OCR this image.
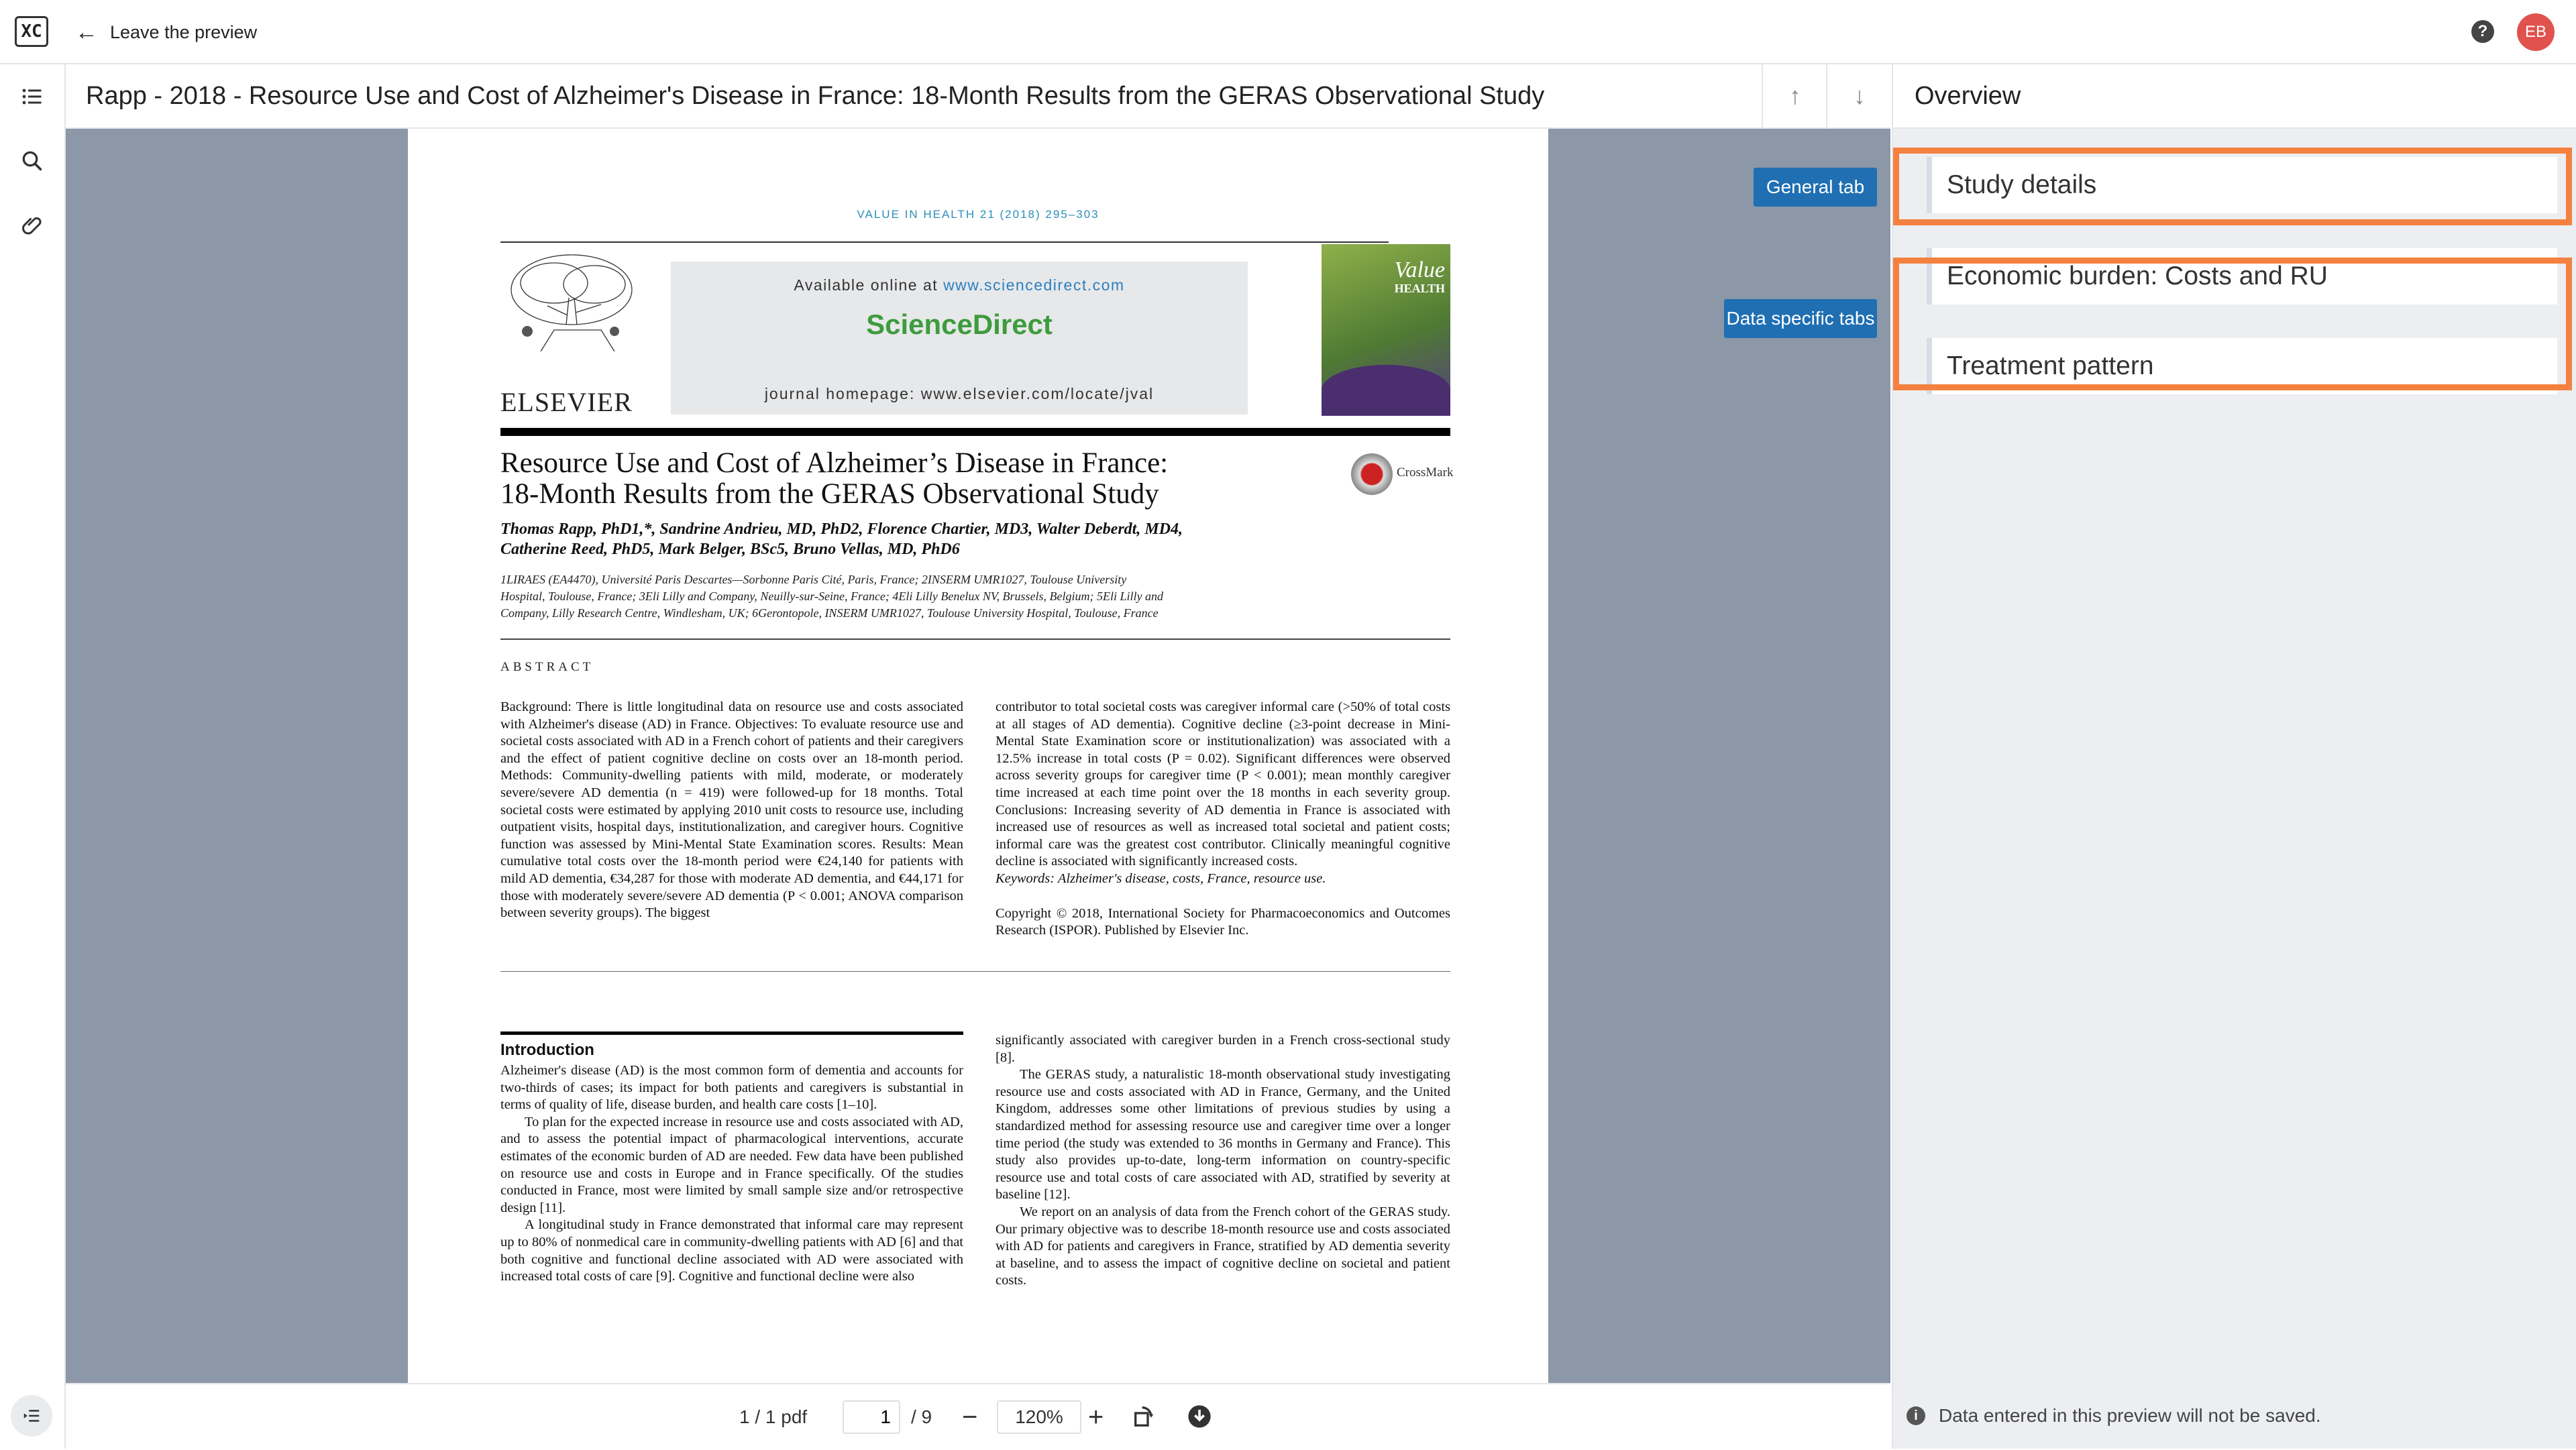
XC ← Leave the preview	?	EB
Rapp - 2018 - Resource Use and Cost of Alzheimer's Disease in France: 18-Month Results from the GERAS Observational Study	↑ ↓
VALUE IN HEALTH 21 (2018) 295–303
ELSEVIER
Available online at www.sciencedirect.com
ScienceDirect
journal homepage: www.elsevier.com/locate/jval
Value
HEALTH
Resource Use and Cost of Alzheimer’s Disease in France:
18-Month Results from the GERAS Observational Study
CrossMark
Thomas Rapp, PhD1,*, Sandrine Andrieu, MD, PhD2, Florence Chartier, MD3, Walter Deberdt, MD4,
Catherine Reed, PhD5, Mark Belger, BSc5, Bruno Vellas, MD, PhD6
1LIRAES (EA4470), Université Paris Descartes—Sorbonne Paris Cité, Paris, France; 2INSERM UMR1027, Toulouse University
Hospital, Toulouse, France; 3Eli Lilly and Company, Neuilly-sur-Seine, France; 4Eli Lilly Benelux NV, Brussels, Belgium; 5Eli Lilly and
Company, Lilly Research Centre, Windlesham, UK; 6Gerontopole, INSERM UMR1027, Toulouse University Hospital, Toulouse, France
ABSTRACT

Background: There is little longitudinal data on resource use and costs associated with Alzheimer's disease (AD) in France. Objectives: To evaluate resource use and societal costs associated with AD in a French cohort of patients and their caregivers and the effect of patient cognitive decline on costs over an 18-month period. Methods: Community-dwelling patients with mild, moderate, or moderately severe/severe AD dementia (n = 419) were followed-up for 18 months. Total societal costs were estimated by applying 2010 unit costs to resource use, including outpatient visits, hospital days, institutionalization, and caregiver hours. Cognitive function was assessed by Mini-Mental State Examination scores. Results: Mean cumulative total costs over the 18-month period were €24,140 for patients with mild AD dementia, €34,287 for those with moderate AD dementia, and €44,171 for those with moderately severe/severe AD dementia (P < 0.001; ANOVA comparison between severity groups). The biggest

contributor to total societal costs was caregiver informal care (>50% of total costs at all stages of AD dementia). Cognitive decline (≥3-point decrease in Mini-Mental State Examination score or institutionalization) was associated with a 12.5% increase in total costs (P = 0.02). Significant differences were observed across severity groups for caregiver time (P < 0.001); mean monthly caregiver time increased at each time point over the 18 months in each severity group. Conclusions: Increasing severity of AD dementia in France is associated with increased use of resources as well as increased total societal and patient costs; informal care was the greatest cost contributor. Clinically meaningful cognitive decline is associated with significantly increased costs.

Keywords: Alzheimer's disease, costs, France, resource use.

Copyright © 2018, International Society for Pharmacoeconomics and Outcomes Research (ISPOR). Published by Elsevier Inc.

Introduction

Alzheimer's disease (AD) is the most common form of dementia and accounts for two-thirds of cases; its impact for both patients and caregivers is substantial in terms of quality of life, disease burden, and health care costs [1–10].

To plan for the expected increase in resource use and costs associated with AD, and to assess the potential impact of pharmacological interventions, accurate estimates of the economic burden of AD are needed. Few data have been published on resource use and costs in Europe and in France specifically. Of the studies conducted in France, most were limited by small sample size and/or retrospective design [11].

A longitudinal study in France demonstrated that informal care may represent up to 80% of nonmedical care in community-dwelling patients with AD [6] and that both cognitive and functional decline associated with AD were associated with increased total costs of care [9]. Cognitive and functional decline were also

significantly associated with caregiver burden in a French cross-sectional study [8].

The GERAS study, a naturalistic 18-month observational study investigating resource use and costs associated with AD in France, Germany, and the United Kingdom, addresses some other limitations of previous studies by using a standardized method for assessing resource use and caregiver time over a longer time period (the study was extended to 36 months in Germany and France). This study also provides up-to-date, long-term information on country-specific resource use and total costs of care associated with AD, stratified by severity at baseline [12].

We report on an analysis of data from the French cohort of the GERAS study. Our primary objective was to describe 18-month resource use and costs associated with AD for patients and caregivers in France, stratified by AD dementia severity at baseline, and to assess the impact of cognitive decline on societal and patient costs.

General tab
Data specific tabs
1 / 1 pdf
1	/ 9 −	120% +
Overview
Study details
Economic burden: Costs and RU
Treatment pattern
i	Data entered in this preview will not be saved.
